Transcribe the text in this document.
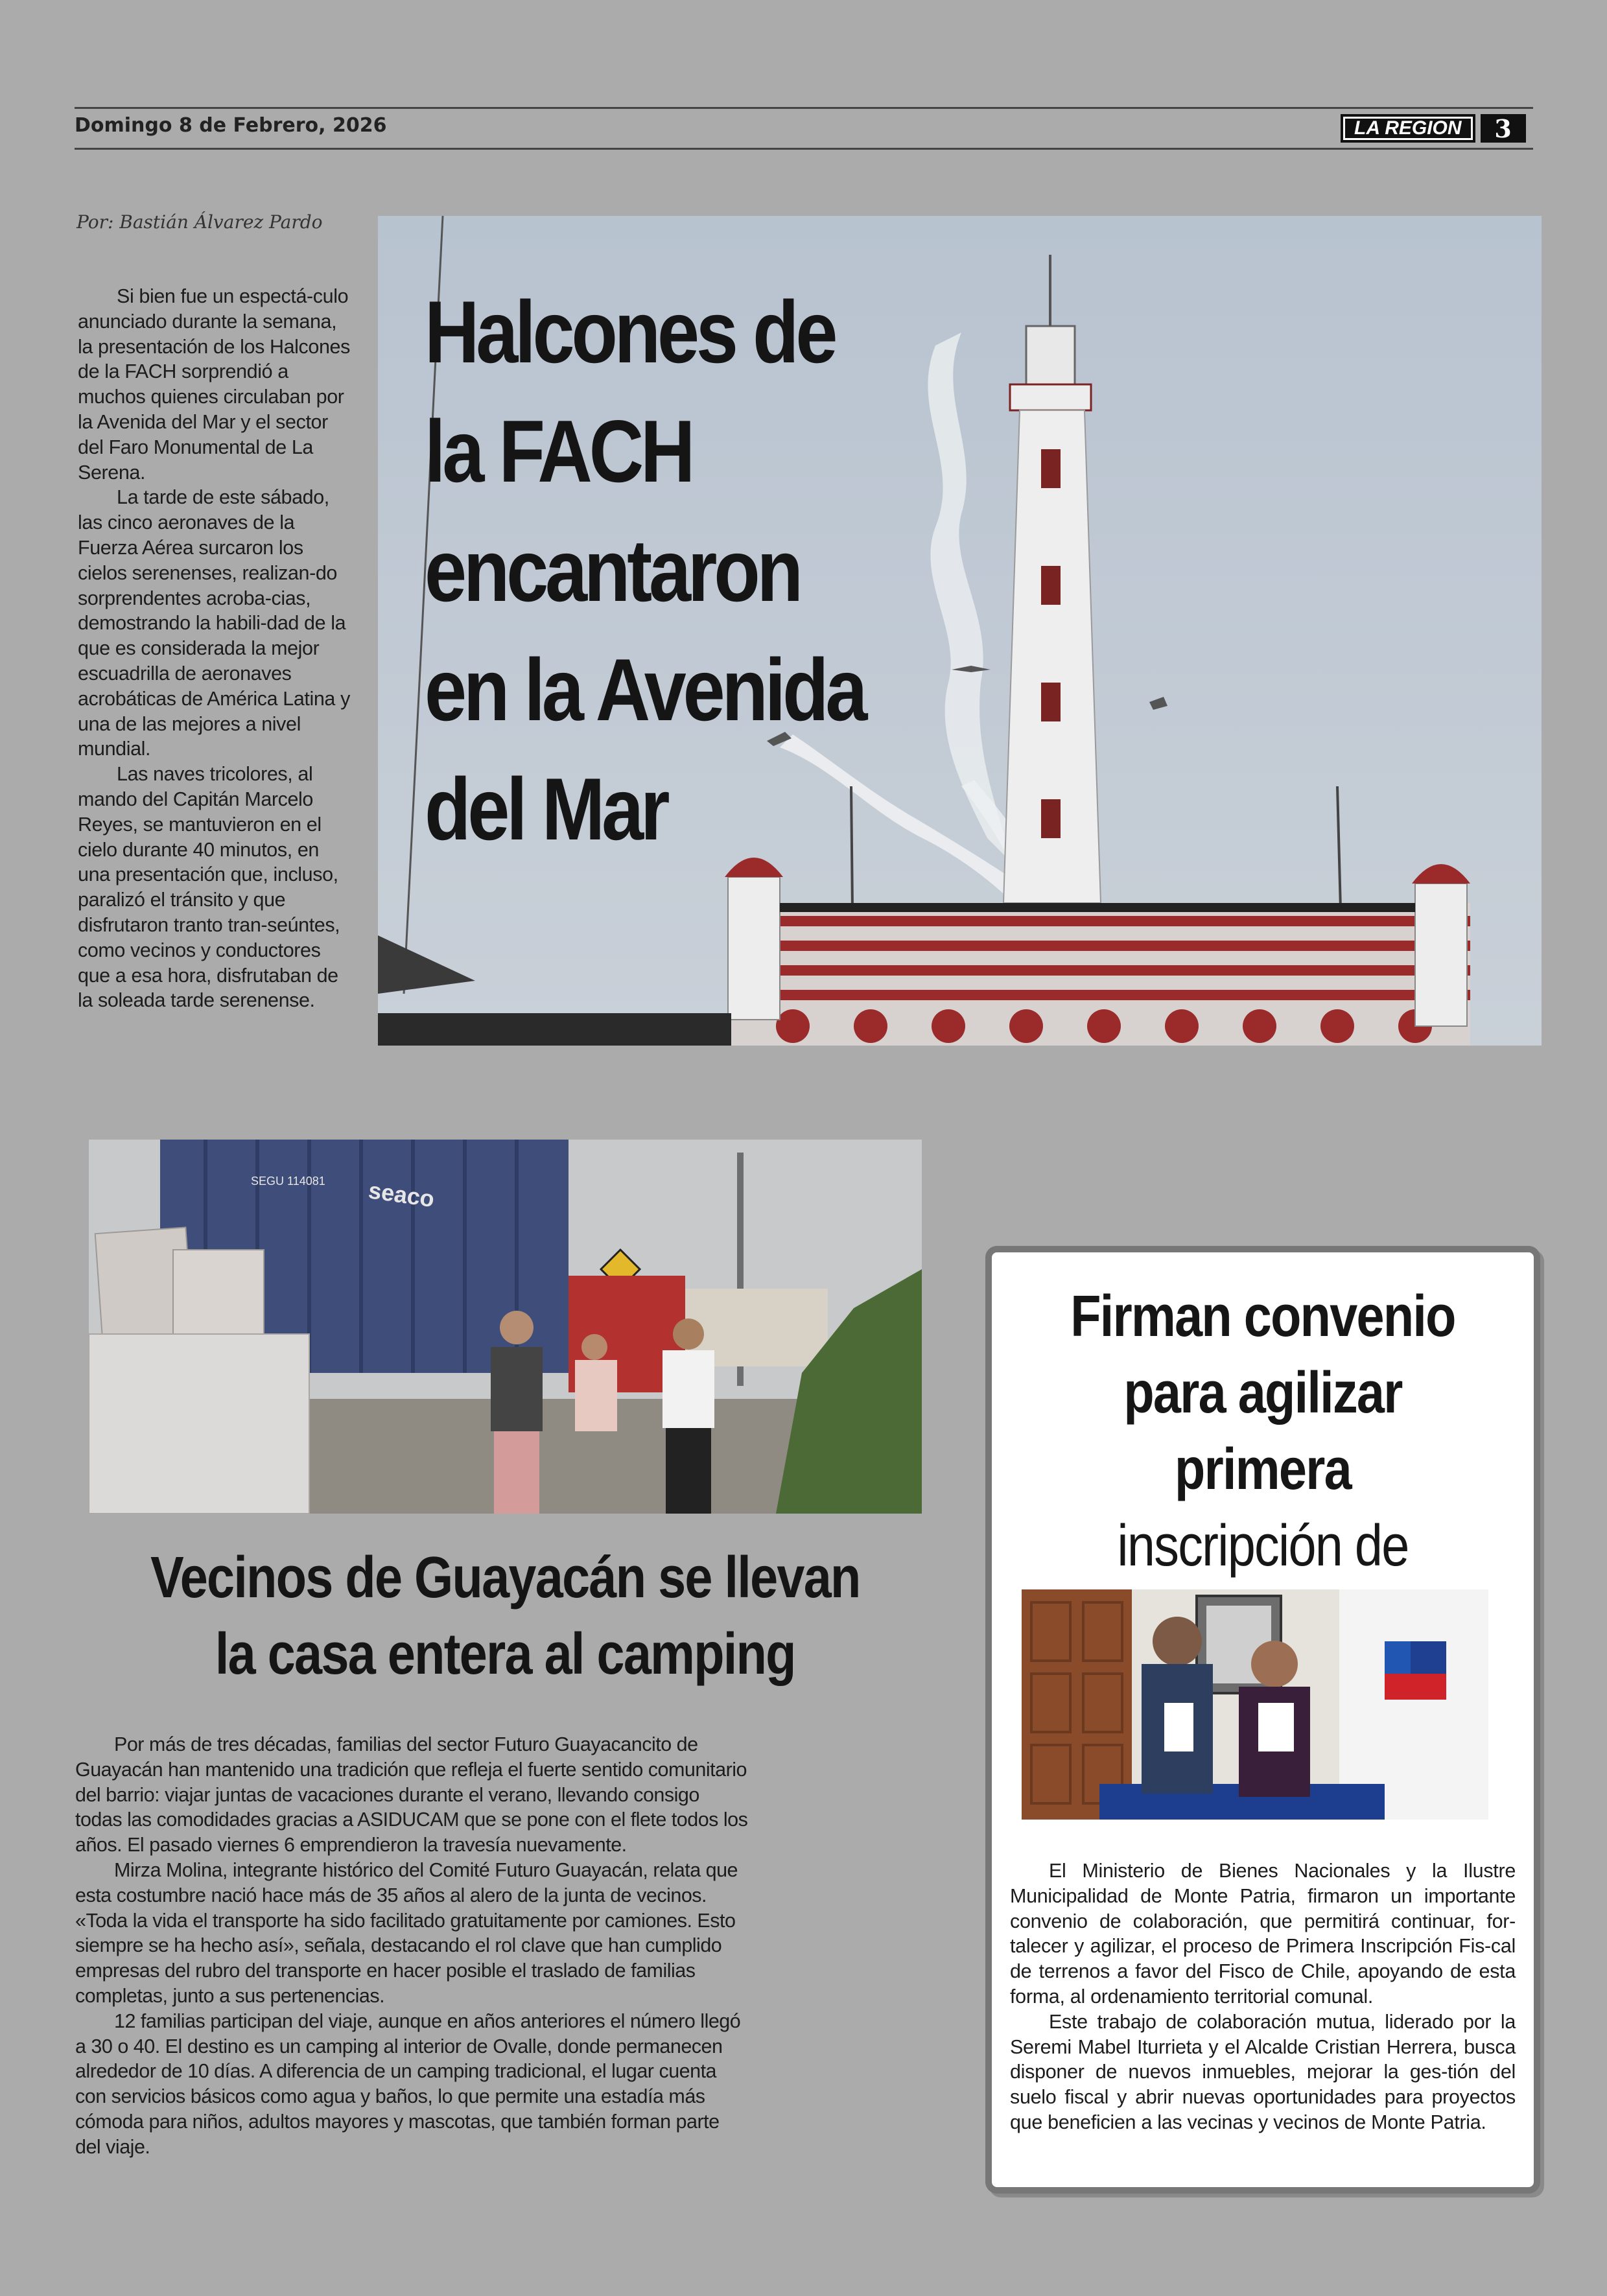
Domingo 8 de Febrero, 2026	LA REGION	3
Por: Bastián Álvarez Pardo

Si bien fue un espectá-culo anunciado durante la semana, la presentación de los Halcones de la FACH sorprendió a muchos quienes circulaban por la Avenida del Mar y el sector del Faro Monumental de La Serena.

La tarde de este sábado, las cinco aeronaves de la Fuerza Aérea surcaron los cielos serenenses, realizan-do sorprendentes acroba-cias, demostrando la habili-dad de la que es considerada la mejor escuadrilla de aeronaves acrobáticas de América Latina y una de las mejores a nivel mundial.

Las naves tricolores, al mando del Capitán Marcelo Reyes, se mantuvieron en el cielo durante 40 minutos, en una presentación que, incluso, paralizó el tránsito y que disfrutaron tranto tran-seúntes, como vecinos y conductores que a esa hora, disfrutaban de la soleada tarde serenense.

Halcones de
la FACH
encantaron
en la Avenida
del Mar
seaco
SEGU 114081
Vecinos de Guayacán se llevan
la casa entera al camping

Por más de tres décadas, familias del sector Futuro Guayacancito de Guayacán han mantenido una tradición que refleja el fuerte sentido comunitario del barrio: viajar juntas de vacaciones durante el verano, llevando consigo todas las comodidades gracias a ASIDUCAM que se pone con el flete todos los años. El pasado viernes 6 emprendieron la travesía nuevamente.

Mirza Molina, integrante histórico del Comité Futuro Guayacán, relata que esta costumbre nació hace más de 35 años al alero de la junta de vecinos. «Toda la vida el transporte ha sido facilitado gratuitamente por camiones. Esto siempre se ha hecho así», señala, destacando el rol clave que han cumplido empresas del rubro del transporte en hacer posible el traslado de familias completas, junto a sus pertenencias.

12 familias participan del viaje, aunque en años anteriores el número llegó a 30 o 40. El destino es un camping al interior de Ovalle, donde permanecen alrededor de 10 días. A diferencia de un camping tradicional, el lugar cuenta con servicios básicos como agua y baños, lo que permite una estadía más cómoda para niños, adultos mayores y mascotas, que también forman parte del viaje.

Firman convenio
para agilizar primera
inscripción de

El Ministerio de Bienes Nacionales y la Ilustre Municipalidad de Monte Patria, firmaron un importante convenio de colaboración, que permitirá continuar, for-talecer y agilizar, el proceso de Primera Inscripción Fis-cal de terrenos a favor del Fisco de Chile, apoyando de esta forma, al ordenamiento territorial comunal.

Este trabajo de colaboración mutua, liderado por la Seremi Mabel Iturrieta y el Alcalde Cristian Herrera, busca disponer de nuevos inmuebles, mejorar la ges-tión del suelo fiscal y abrir nuevas oportunidades para proyectos que beneficien a las vecinas y vecinos de Monte Patria.
